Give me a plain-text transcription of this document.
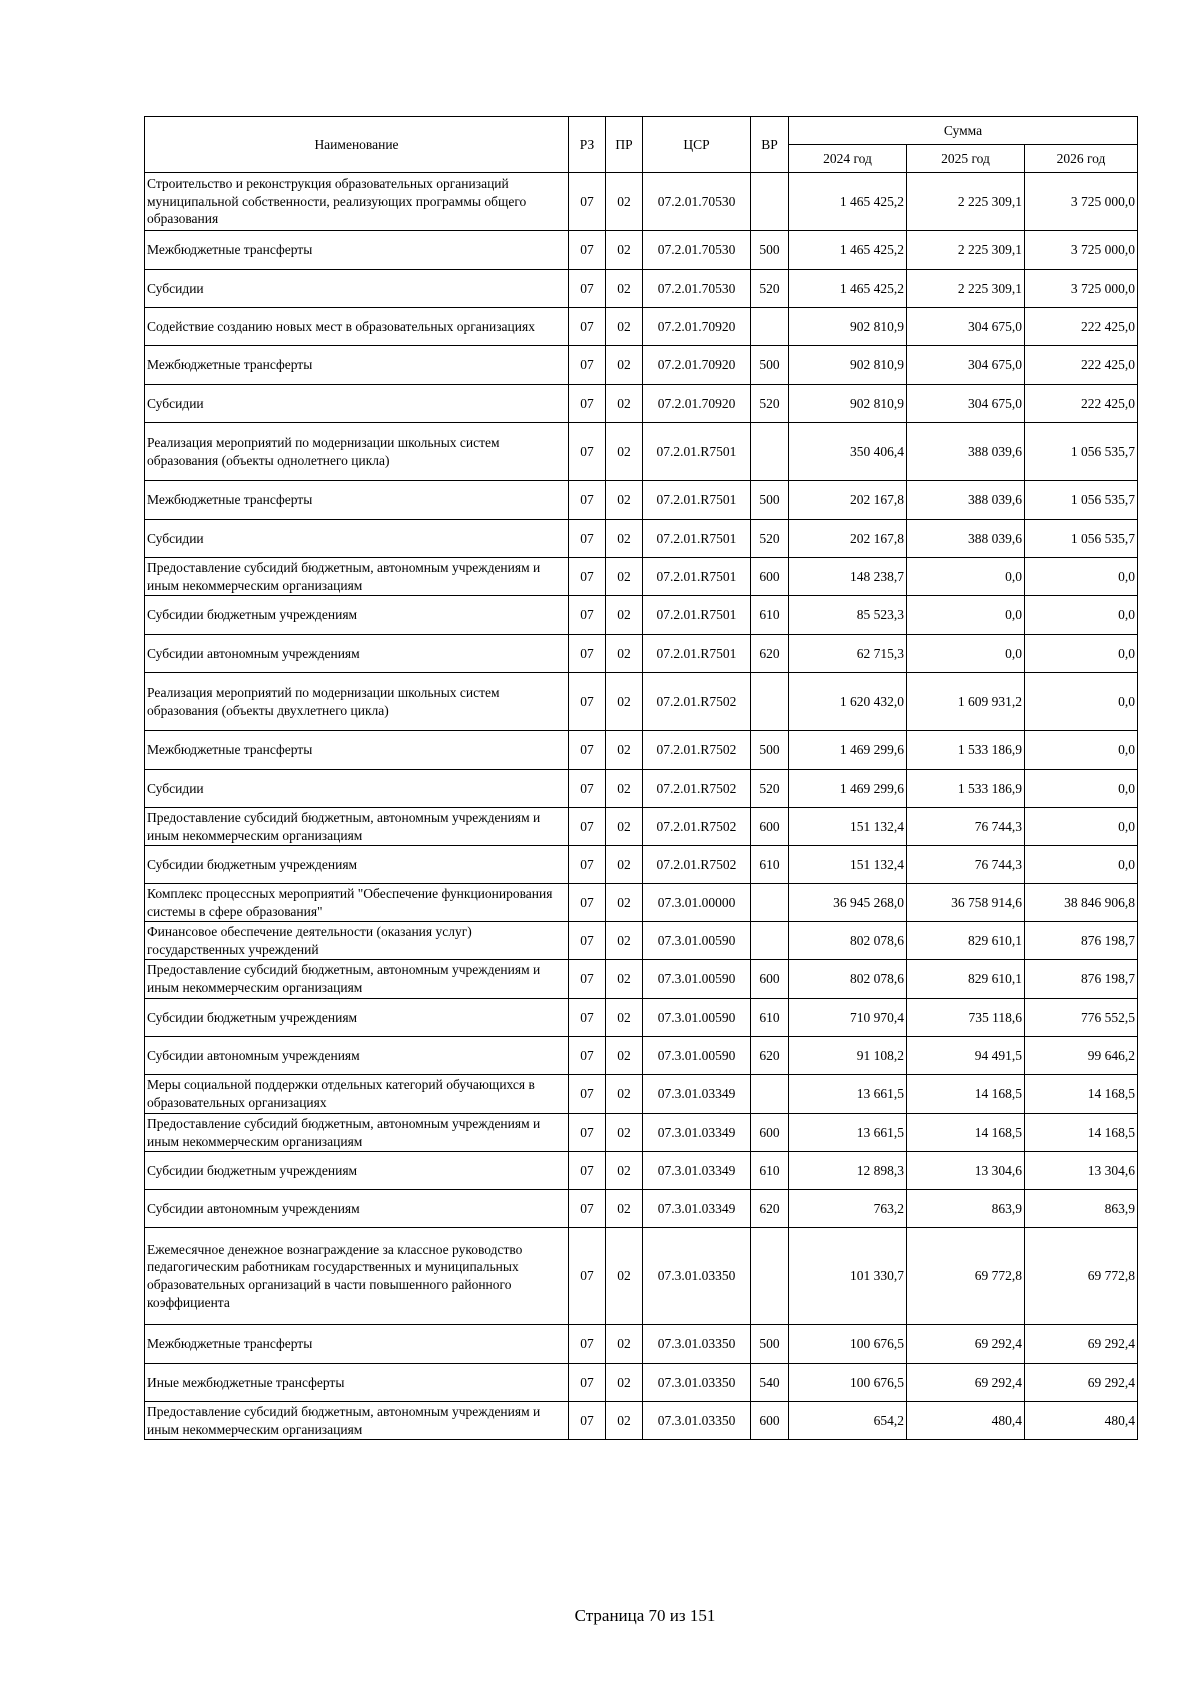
Наименование	РЗ	ПР	ЦСР	ВР	Сумма		
					2024 год	2025 год	2026 год
Строительство и реконструкция образовательных организаций муниципальной собственности, реализующих программы общего образования	07	02	07.2.01.70530		1 465 425,2	2 225 309,1	3 725 000,0
Межбюджетные трансферты	07	02	07.2.01.70530	500	1 465 425,2	2 225 309,1	3 725 000,0
Субсидии	07	02	07.2.01.70530	520	1 465 425,2	2 225 309,1	3 725 000,0
Содействие созданию новых мест в образовательных организациях	07	02	07.2.01.70920		902 810,9	304 675,0	222 425,0
Межбюджетные трансферты	07	02	07.2.01.70920	500	902 810,9	304 675,0	222 425,0
Субсидии	07	02	07.2.01.70920	520	902 810,9	304 675,0	222 425,0
Реализация мероприятий по модернизации школьных систем образования (объекты однолетнего цикла)	07	02	07.2.01.R7501		350 406,4	388 039,6	1 056 535,7
Межбюджетные трансферты	07	02	07.2.01.R7501	500	202 167,8	388 039,6	1 056 535,7
Субсидии	07	02	07.2.01.R7501	520	202 167,8	388 039,6	1 056 535,7
Предоставление субсидий бюджетным, автономным учреждениям и иным некоммерческим организациям	07	02	07.2.01.R7501	600	148 238,7	0,0	0,0
Субсидии бюджетным учреждениям	07	02	07.2.01.R7501	610	85 523,3	0,0	0,0
Субсидии автономным учреждениям	07	02	07.2.01.R7501	620	62 715,3	0,0	0,0
Реализация мероприятий по модернизации школьных систем образования (объекты двухлетнего цикла)	07	02	07.2.01.R7502		1 620 432,0	1 609 931,2	0,0
Межбюджетные трансферты	07	02	07.2.01.R7502	500	1 469 299,6	1 533 186,9	0,0
Субсидии	07	02	07.2.01.R7502	520	1 469 299,6	1 533 186,9	0,0
Предоставление субсидий бюджетным, автономным учреждениям и иным некоммерческим организациям	07	02	07.2.01.R7502	600	151 132,4	76 744,3	0,0
Субсидии бюджетным учреждениям	07	02	07.2.01.R7502	610	151 132,4	76 744,3	0,0
Комплекс процессных мероприятий "Обеспечение функционирования системы в сфере образования"	07	02	07.3.01.00000		36 945 268,0	36 758 914,6	38 846 906,8
Финансовое обеспечение деятельности (оказания услуг) государственных учреждений	07	02	07.3.01.00590		802 078,6	829 610,1	876 198,7
Предоставление субсидий бюджетным, автономным учреждениям и иным некоммерческим организациям	07	02	07.3.01.00590	600	802 078,6	829 610,1	876 198,7
Субсидии бюджетным учреждениям	07	02	07.3.01.00590	610	710 970,4	735 118,6	776 552,5
Субсидии автономным учреждениям	07	02	07.3.01.00590	620	91 108,2	94 491,5	99 646,2
Меры социальной поддержки отдельных категорий обучающихся в образовательных организациях	07	02	07.3.01.03349		13 661,5	14 168,5	14 168,5
Предоставление субсидий бюджетным, автономным учреждениям и иным некоммерческим организациям	07	02	07.3.01.03349	600	13 661,5	14 168,5	14 168,5
Субсидии бюджетным учреждениям	07	02	07.3.01.03349	610	12 898,3	13 304,6	13 304,6
Субсидии автономным учреждениям	07	02	07.3.01.03349	620	763,2	863,9	863,9
Ежемесячное денежное вознаграждение за классное руководство педагогическим работникам государственных и муниципальных образовательных организаций в части повышенного районного коэффициента	07	02	07.3.01.03350		101 330,7	69 772,8	69 772,8
Межбюджетные трансферты	07	02	07.3.01.03350	500	100 676,5	69 292,4	69 292,4
Иные межбюджетные трансферты	07	02	07.3.01.03350	540	100 676,5	69 292,4	69 292,4
Предоставление субсидий бюджетным, автономным учреждениям и иным некоммерческим организациям	07	02	07.3.01.03350	600	654,2	480,4	480,4
Страница 70 из 151
